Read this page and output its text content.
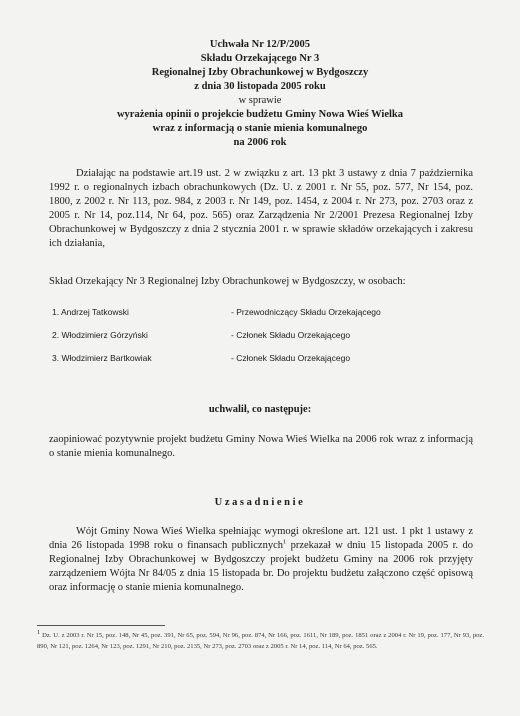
Uchwała Nr 12/P/2005
Składu Orzekającego Nr 3
Regionalnej Izby Obrachunkowej w Bydgoszczy
z dnia 30 listopada 2005 roku
w sprawie
wyrażenia opinii o projekcie budżetu Gminy Nowa Wieś Wielka
wraz z informacją o stanie mienia komunalnego
na 2006 rok

Działając na podstawie art.19 ust. 2 w związku z art. 13 pkt 3 ustawy z dnia 7 października 1992 r. o regionalnych izbach obrachunkowych (Dz. U. z 2001 r. Nr 55, poz. 577, Nr 154, poz. 1800, z 2002 r. Nr 113, poz. 984, z 2003 r. Nr 149, poz. 1454, z 2004 r. Nr 273, poz. 2703 oraz z 2005 r. Nr 14, poz.114, Nr 64, poz. 565) oraz Zarządzenia Nr 2/2001 Prezesa Regionalnej Izby Obrachunkowej w Bydgoszczy z dnia 2 stycznia 2001 r. w sprawie składów orzekających i zakresu ich działania,

Skład Orzekający Nr 3 Regionalnej Izby Obrachunkowej w Bydgoszczy, w osobach:

1. Andrzej Tatkowski	- Przewodniczący Składu Orzekającego
2. Włodzimierz Górzyński	- Członek Składu Orzekającego
3. Włodzimierz Bartkowiak	- Członek Składu Orzekającego
uchwalił, co następuje:

zaopiniować pozytywnie projekt budżetu Gminy Nowa Wieś Wielka na 2006 rok wraz z informacją o stanie mienia komunalnego.

Uzasadnienie

Wójt Gminy Nowa Wieś Wielka spełniając wymogi określone art. 121 ust. 1 pkt 1 ustawy z dnia 26 listopada 1998 roku o finansach publicznych$^1$ przekazał w dniu 15 listopada 2005 r. do Regionalnej Izby Obrachunkowej w Bydgoszczy projekt budżetu Gminy na 2006 rok przyjęty zarządzeniem Wójta Nr 84/05 z dnia 15 listopada br. Do projektu budżetu załączono część opisową oraz informację o stanie mienia komunalnego.

$^1$ Dz. U. z 2003 r. Nr 15, poz. 148, Nr 45, poz. 391, Nr 65, poz. 594, Nr 96, poz. 874, Nr 166, poz. 1611, Nr 189, poz. 1851 oraz z 2004 r. Nr 19, poz. 177, Nr 93, poz. 890, Nr 121, poz. 1264, Nr 123, poz. 1291, Nr 210, poz. 2135, Nr 273, poz. 2703 oraz z 2005 r. Nr 14, poz. 114, Nr 64, poz. 565.
